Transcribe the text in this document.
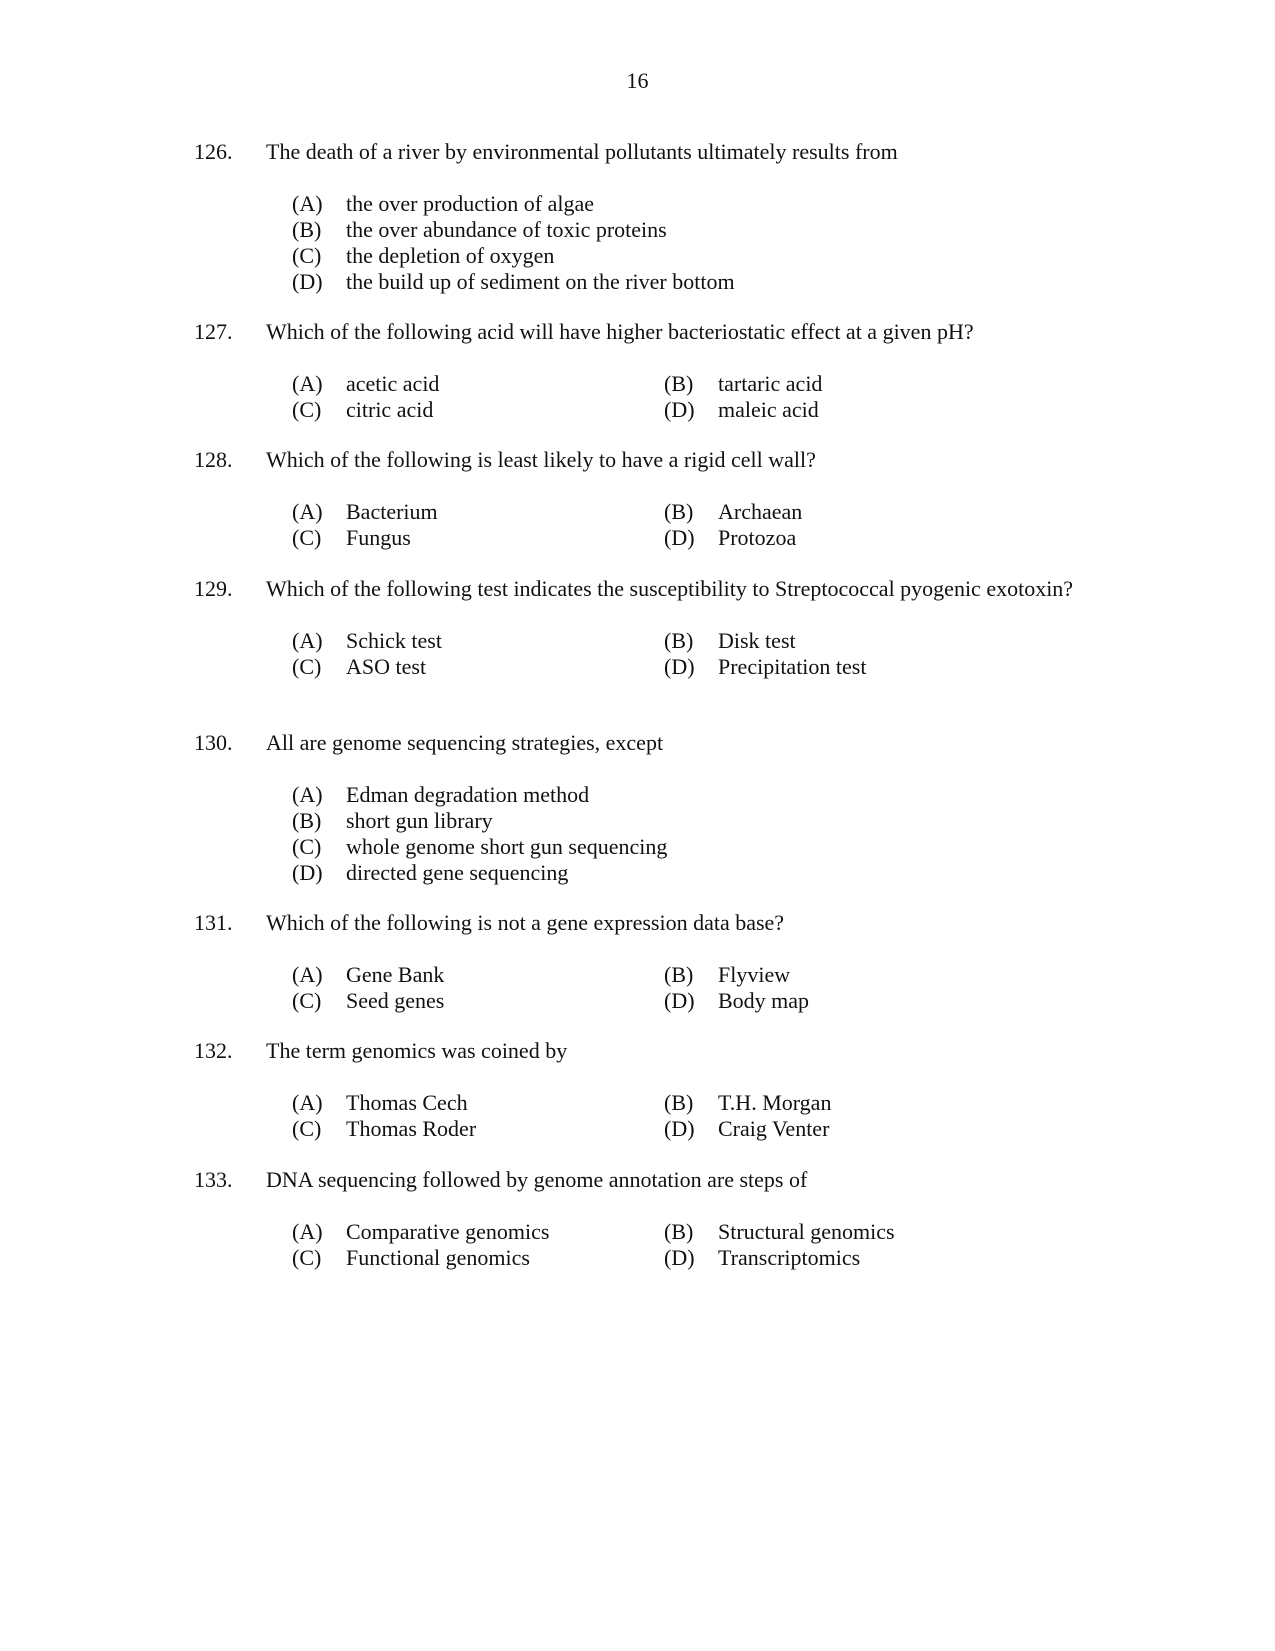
16
126. The death of a river by environmental pollutants ultimately results from
(A)	the over production of algae
(B)	the over abundance of toxic proteins
(C)	the depletion of oxygen
(D)	the build up of sediment on the river bottom
127. Which of the following acid will have higher bacteriostatic effect at a given pH?
(A)	acetic acid	(B)	tartaric acid
(C)	citric acid	(D)	maleic acid
128. Which of the following is least likely to have a rigid cell wall?
(A)	Bacterium	(B)	Archaean
(C)	Fungus	(D)	Protozoa
129. Which of the following test indicates the susceptibility to Streptococcal pyogenic exotoxin?
(A)	Schick test	(B)	Disk test
(C)	ASO test	(D)	Precipitation test
130. All are genome sequencing strategies, except
(A)	Edman degradation method
(B)	short gun library
(C)	whole genome short gun sequencing
(D)	directed gene sequencing
131. Which of the following is not a gene expression data base?
(A)	Gene Bank	(B)	Flyview
(C)	Seed genes	(D)	Body map
132. The term genomics was coined by
(A)	Thomas Cech	(B)	T.H. Morgan
(C)	Thomas Roder	(D)	Craig Venter
133. DNA sequencing followed by genome annotation are steps of
(A)	Comparative genomics	(B)	Structural genomics
(C)	Functional genomics	(D)	Transcriptomics
